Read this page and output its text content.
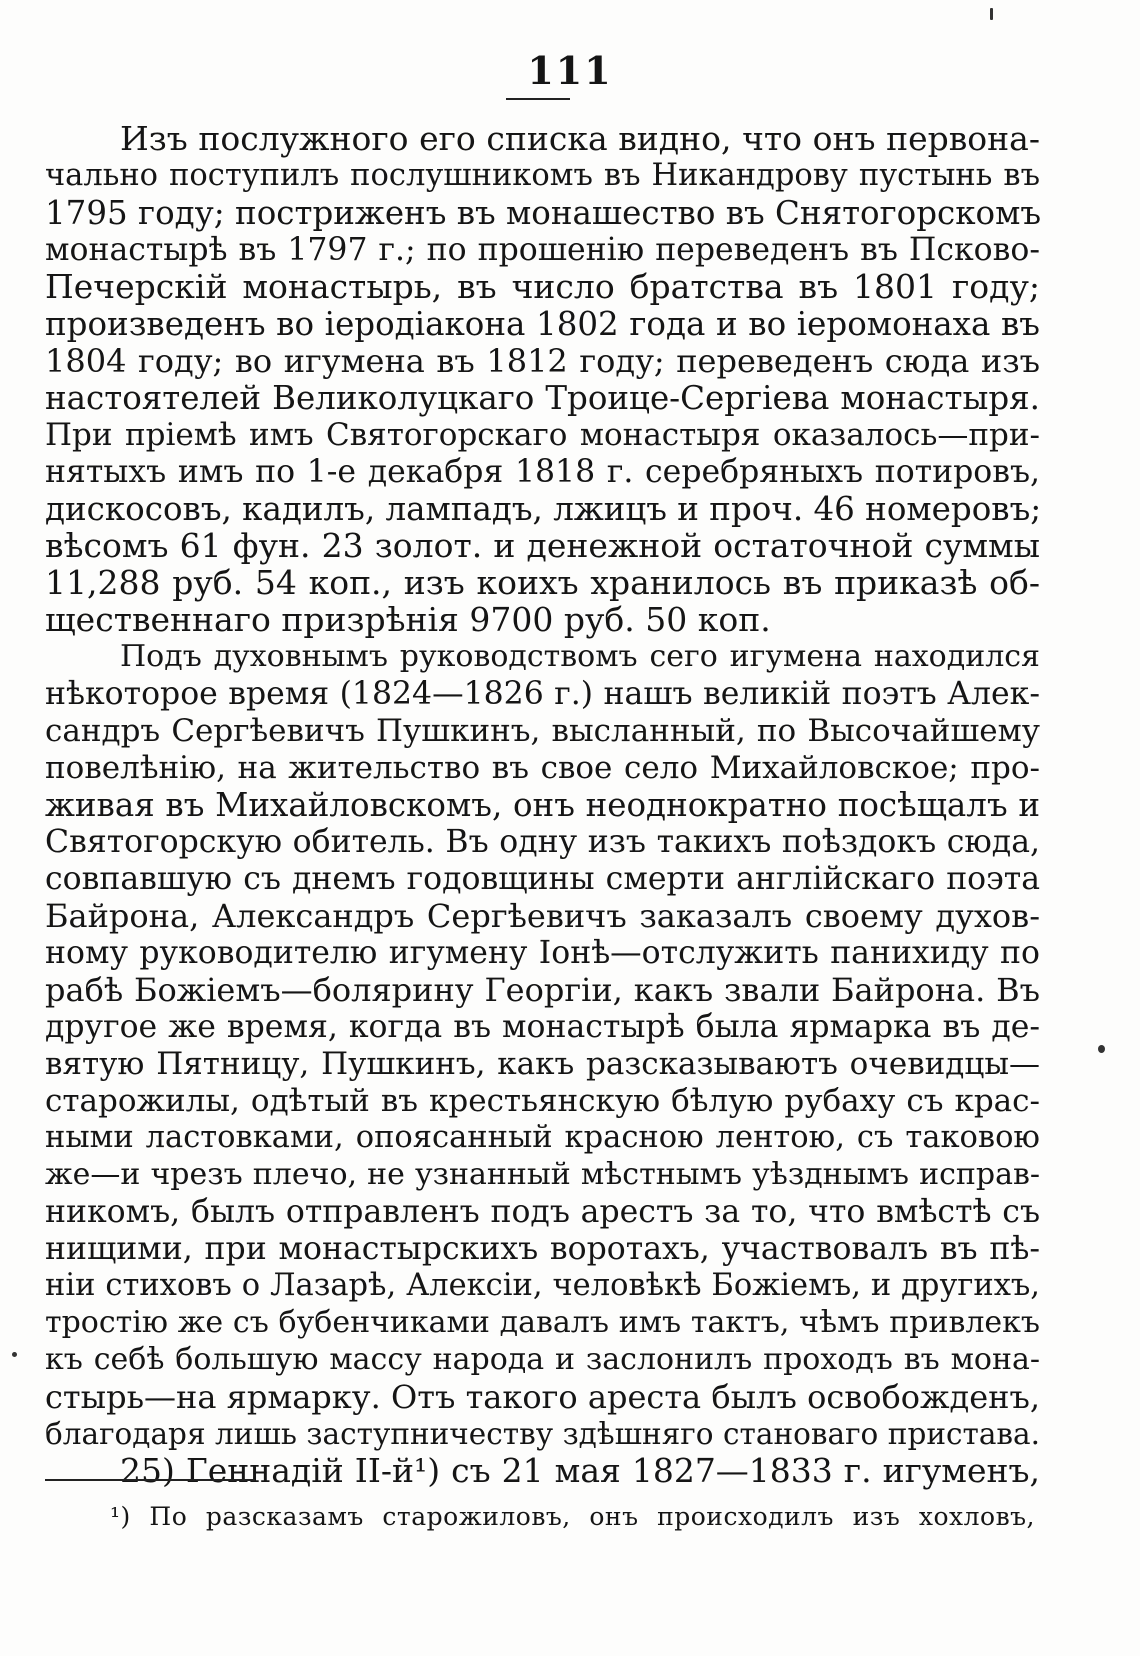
111
Изъ послужного его списка видно, что онъ первона-
чально поступилъ послушникомъ въ Никандрову пустынь въ
1795 году; постриженъ въ монашество въ Снятогорскомъ
монастырѣ въ 1797 г.; по прошенію переведенъ въ Псково-
Печерскій монастырь, въ число братства въ 1801 году;
произведенъ во іеродіакона 1802 года и во іеромонаха въ
1804 году; во игумена въ 1812 году; переведенъ сюда изъ
настоятелей Великолуцкаго Троице-Сергіева монастыря.
При пріемѣ имъ Святогорскаго монастыря оказалось—при-
нятыхъ имъ по 1-е декабря 1818 г. серебряныхъ потировъ,
дискосовъ, кадилъ, лампадъ, лжицъ и проч. 46 номеровъ;
вѣсомъ 61 фун. 23 золот. и денежной остаточной суммы
11,288 руб. 54 коп., изъ коихъ хранилось въ приказѣ об-
щественнаго призрѣнія 9700 руб. 50 коп.
Подъ духовнымъ руководствомъ сего игумена находился
нѣкоторое время (1824—1826 г.) нашъ великій поэтъ Алек-
сандръ Сергѣевичъ Пушкинъ, высланный, по Высочайшему
повелѣнію, на жительство въ свое село Михайловское; про-
живая въ Михайловскомъ, онъ неоднократно посѣщалъ и
Святогорскую обитель. Въ одну изъ такихъ поѣздокъ сюда,
совпавшую съ днемъ годовщины смерти англійскаго поэта
Байрона, Александръ Сергѣевичъ заказалъ своему духов-
ному руководителю игумену Іонѣ—отслужить панихиду по
рабѣ Божіемъ—болярину Георгіи, какъ звали Байрона. Въ
другое же время, когда въ монастырѣ была ярмарка въ де-
вятую Пятницу, Пушкинъ, какъ разсказываютъ очевидцы—
старожилы, одѣтый въ крестьянскую бѣлую рубаху съ крас-
ными ластовками, опоясанный красною лентою, съ таковою
же—и чрезъ плечо, не узнанный мѣстнымъ уѣзднымъ исправ-
никомъ, былъ отправленъ подъ арестъ за то, что вмѣстѣ съ
нищими, при монастырскихъ воротахъ, участвовалъ въ пѣ-
ніи стиховъ о Лазарѣ, Алексіи, человѣкѣ Божіемъ, и другихъ,
тростію же съ бубенчиками давалъ имъ тактъ, чѣмъ привлекъ
къ себѣ большую массу народа и заслонилъ проходъ въ мона-
стырь—на ярмарку. Отъ такого ареста былъ освобожденъ,
благодаря лишь заступничеству здѣшняго становаго пристава.
25) Геннадій II-й¹) съ 21 мая 1827—1833 г. игуменъ,
¹) По разсказамъ старожиловъ, онъ происходилъ изъ хохловъ,
